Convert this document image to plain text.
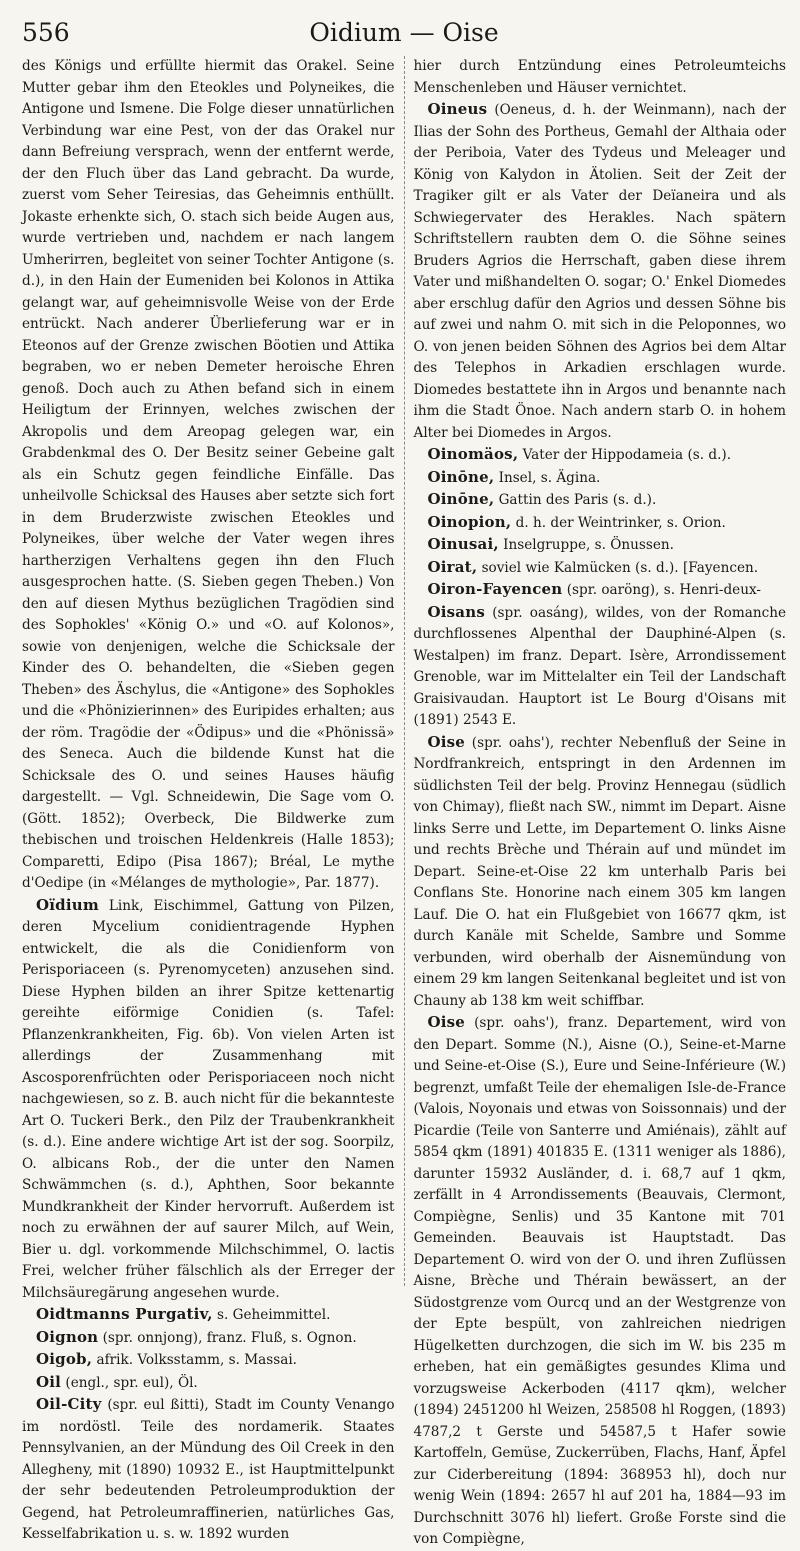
556	Oidium — Oise

des Königs und erfüllte hiermit das Orakel. Seine Mutter gebar ihm den Eteokles und Polyneikes, die Antigone und Ismene. Die Folge dieser unnatürlichen Verbindung war eine Pest, von der das Orakel nur dann Befreiung versprach, wenn der entfernt werde, der den Fluch über das Land gebracht. Da wurde, zuerst vom Seher Teiresias, das Geheimnis enthüllt. Jokaste erhenkte sich, O. stach sich beide Augen aus, wurde vertrieben und, nachdem er nach langem Umherirren, begleitet von seiner Tochter Antigone (s. d.), in den Hain der Eumeniden bei Kolonos in Attika gelangt war, auf geheimnisvolle Weise von der Erde entrückt. Nach anderer Überlieferung war er in Eteonos auf der Grenze zwischen Böotien und Attika begraben, wo er neben Demeter heroische Ehren genoß. Doch auch zu Athen befand sich in einem Heiligtum der Erinnyen, welches zwischen der Akropolis und dem Areopag gelegen war, ein Grabdenkmal des O. Der Besitz seiner Gebeine galt als ein Schutz gegen feindliche Einfälle. Das unheilvolle Schicksal des Hauses aber setzte sich fort in dem Bruderzwiste zwischen Eteokles und Polyneikes, über welche der Vater wegen ihres hartherzigen Verhaltens gegen ihn den Fluch ausgesprochen hatte. (S. Sieben gegen Theben.) Von den auf diesen Mythus bezüglichen Tragödien sind des Sophokles' «König O.» und «O. auf Kolonos», sowie von denjenigen, welche die Schicksale der Kinder des O. behandelten, die «Sieben gegen Theben» des Äschylus, die «Antigone» des Sophokles und die «Phönizierinnen» des Euripides erhalten; aus der röm. Tragödie der «Ödipus» und die «Phönissä» des Seneca. Auch die bildende Kunst hat die Schicksale des O. und seines Hauses häufig dargestellt. — Vgl. Schneidewin, Die Sage vom O. (Gött. 1852); Overbeck, Die Bildwerke zum thebischen und troischen Heldenkreis (Halle 1853); Comparetti, Edipo (Pisa 1867); Bréal, Le mythe d'Oedipe (in «Mélanges de mythologie», Par. 1877).

Oïdium Link, Eischimmel, Gattung von Pilzen, deren Mycelium conidientragende Hyphen entwickelt, die als die Conidienform von Perisporiaceen (s. Pyrenomyceten) anzusehen sind. Diese Hyphen bilden an ihrer Spitze kettenartig gereihte eiförmige Conidien (s. Tafel: Pflanzenkrankheiten, Fig. 6b). Von vielen Arten ist allerdings der Zusammenhang mit Ascosporenfrüchten oder Perisporiaceen noch nicht nachgewiesen, so z. B. auch nicht für die bekannteste Art O. Tuckeri Berk., den Pilz der Traubenkrankheit (s. d.). Eine andere wichtige Art ist der sog. Soorpilz, O. albicans Rob., der die unter den Namen Schwämmchen (s. d.), Aphthen, Soor bekannte Mundkrankheit der Kinder hervorruft. Außerdem ist noch zu erwähnen der auf saurer Milch, auf Wein, Bier u. dgl. vorkommende Milchschimmel, O. lactis Frei, welcher früher fälschlich als der Erreger der Milchsäuregärung angesehen wurde.

Oidtmanns Purgativ, s. Geheimmittel.

Oignon (spr. onnjong), franz. Fluß, s. Ognon.

Oigob, afrik. Volksstamm, s. Massai.

Oil (engl., spr. eul), Öl.

Oil-City (spr. eul ßitti), Stadt im County Venango im nordöstl. Teile des nordamerik. Staates Pennsylvanien, an der Mündung des Oil Creek in den Allegheny, mit (1890) 10932 E., ist Hauptmittelpunkt der sehr bedeutenden Petroleumproduktion der Gegend, hat Petroleumraffinerien, natürliches Gas, Kesselfabrikation u. s. w. 1892 wurden

hier durch Entzündung eines Petroleumteichs Menschenleben und Häuser vernichtet.

Oineus (Oeneus, d. h. der Weinmann), nach der Ilias der Sohn des Portheus, Gemahl der Althaia oder der Periboia, Vater des Tydeus und Meleager und König von Kalydon in Ätolien. Seit der Zeit der Tragiker gilt er als Vater der Deïaneira und als Schwiegervater des Herakles. Nach spätern Schriftstellern raubten dem O. die Söhne seines Bruders Agrios die Herrschaft, gaben diese ihrem Vater und mißhandelten O. sogar; O.' Enkel Diomedes aber erschlug dafür den Agrios und dessen Söhne bis auf zwei und nahm O. mit sich in die Peloponnes, wo O. von jenen beiden Söhnen des Agrios bei dem Altar des Telephos in Arkadien erschlagen wurde. Diomedes bestattete ihn in Argos und benannte nach ihm die Stadt Önoe. Nach andern starb O. in hohem Alter bei Diomedes in Argos.

Oinomäos, Vater der Hippodameia (s. d.).

Oinōne, Insel, s. Ägina.

Oinōne, Gattin des Paris (s. d.).

Oinopion, d. h. der Weintrinker, s. Orion.

Oinusai, Inselgruppe, s. Önussen.

Oirat, soviel wie Kalmücken (s. d.). [Fayencen.

Oiron-Fayencen (spr. oaröng), s. Henri-deux-

Oisans (spr. oasáng), wildes, von der Romanche durchflossenes Alpenthal der Dauphiné-Alpen (s. Westalpen) im franz. Depart. Isère, Arrondissement Grenoble, war im Mittelalter ein Teil der Landschaft Graisivaudan. Hauptort ist Le Bourg d'Oisans mit (1891) 2543 E.

Oise (spr. oahs'), rechter Nebenfluß der Seine in Nordfrankreich, entspringt in den Ardennen im südlichsten Teil der belg. Provinz Hennegau (südlich von Chimay), fließt nach SW., nimmt im Depart. Aisne links Serre und Lette, im Departement O. links Aisne und rechts Brèche und Thérain auf und mündet im Depart. Seine-et-Oise 22 km unterhalb Paris bei Conflans Ste. Honorine nach einem 305 km langen Lauf. Die O. hat ein Flußgebiet von 16677 qkm, ist durch Kanäle mit Schelde, Sambre und Somme verbunden, wird oberhalb der Aisnemündung von einem 29 km langen Seitenkanal begleitet und ist von Chauny ab 138 km weit schiffbar.

Oise (spr. oahs'), franz. Departement, wird von den Depart. Somme (N.), Aisne (O.), Seine-et-Marne und Seine-et-Oise (S.), Eure und Seine-Inférieure (W.) begrenzt, umfaßt Teile der ehemaligen Isle-de-France (Valois, Noyonais und etwas von Soissonnais) und der Picardie (Teile von Santerre und Amiénais), zählt auf 5854 qkm (1891) 401835 E. (1311 weniger als 1886), darunter 15932 Ausländer, d. i. 68,7 auf 1 qkm, zerfällt in 4 Arrondissements (Beauvais, Clermont, Compiègne, Senlis) und 35 Kantone mit 701 Gemeinden. Beauvais ist Hauptstadt. Das Departement O. wird von der O. und ihren Zuflüssen Aisne, Brèche und Thérain bewässert, an der Südostgrenze vom Ourcq und an der Westgrenze von der Epte bespült, von zahlreichen niedrigen Hügelketten durchzogen, die sich im W. bis 235 m erheben, hat ein gemäßigtes gesundes Klima und vorzugsweise Ackerboden (4117 qkm), welcher (1894) 2451200 hl Weizen, 258508 hl Roggen, (1893) 4787,2 t Gerste und 54587,5 t Hafer sowie Kartoffeln, Gemüse, Zuckerrüben, Flachs, Hanf, Äpfel zur Ciderbereitung (1894: 368953 hl), doch nur wenig Wein (1894: 2657 hl auf 201 ha, 1884—93 im Durchschnitt 3076 hl) liefert. Große Forste sind die von Compiègne,
